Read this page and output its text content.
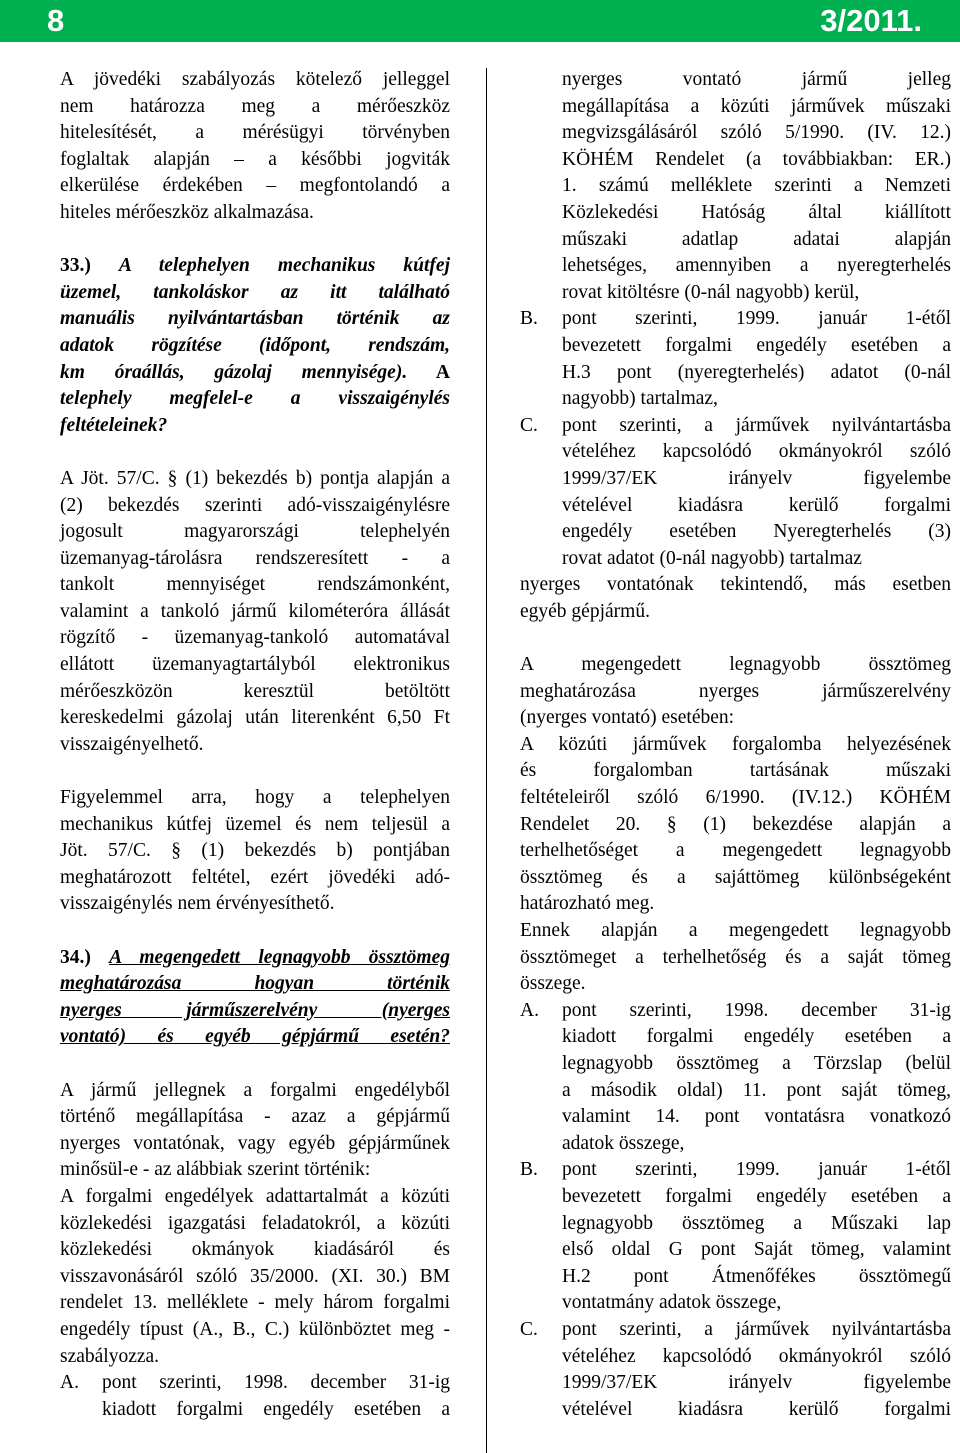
8	3/2011.

A jövedéki szabályozás kötelező jelleggel

nem határozza meg a mérőeszköz

hitelesítését, a mérésügyi törvényben

foglaltak alapján – a későbbi jogviták

elkerülése érdekében – megfontolandó a

hiteles mérőeszköz alkalmazása.

33.) A telephelyen mechanikus kútfej

üzemel, tankoláskor az itt található

manuális nyilvántartásban történik az

adatok rögzítése (időpont, rendszám,

km óraállás, gázolaj mennyisége). A

telephely megfelel-e a visszaigénylés

feltételeinek?

A Jöt. 57/C. § (1) bekezdés b) pontja alapján a

(2) bekezdés szerinti adó-visszaigénylésre

jogosult magyarországi telephelyén

üzemanyag-tárolásra rendszeresített - a

tankolt mennyiséget rendszámonként,

valamint a tankoló jármű kilométeróra állását

rögzítő - üzemanyag-tankoló automatával

ellátott üzemanyagtartályból elektronikus

mérőeszközön keresztül betöltött

kereskedelmi gázolaj után literenként 6,50 Ft

visszaigényelhető.

Figyelemmel arra, hogy a telephelyen

mechanikus kútfej üzemel és nem teljesül a

Jöt. 57/C. § (1) bekezdés b) pontjában

meghatározott feltétel, ezért jövedéki adó-

visszaigénylés nem érvényesíthető.

34.) A megengedett legnagyobb össztömeg

meghatározása hogyan történik

nyerges járműszerelvény (nyerges

vontató) és egyéb gépjármű esetén?

A jármű jellegnek a forgalmi engedélyből

történő megállapítása - azaz a gépjármű

nyerges vontatónak, vagy egyéb gépjárműnek

minősül-e - az alábbiak szerint történik:

A forgalmi engedélyek adattartalmát a közúti

közlekedési igazgatási feladatokról, a közúti

közlekedési okmányok kiadásáról és

visszavonásáról szóló 35/2000. (XI. 30.) BM

rendelet 13. melléklete - mely három forgalmi

engedély típust (A., B., C.) különböztet meg -

szabályozza.

A.	pont szerinti, 1998. december 31-ig

kiadott forgalmi engedély esetében a

nyerges vontató jármű jelleg

megállapítása a közúti járművek műszaki

megvizsgálásáról szóló 5/1990. (IV. 12.)

KÖHÉM Rendelet (a továbbiakban: ER.)

1. számú melléklete szerinti a Nemzeti

Közlekedési Hatóság által kiállított

műszaki adatlap adatai alapján

lehetséges, amennyiben a nyeregterhelés

rovat kitöltésre (0-nál nagyobb) kerül,

B.	pont szerinti, 1999. január 1-étől

bevezetett forgalmi engedély esetében a

H.3 pont (nyeregterhelés) adatot (0-nál

nagyobb) tartalmaz,

C.	pont szerinti, a járművek nyilvántartásba

vételéhez kapcsolódó okmányokról szóló

1999/37/EK irányelv figyelembe

vételével kiadásra kerülő forgalmi

engedély esetében Nyeregterhelés (3)

rovat adatot (0-nál nagyobb) tartalmaz

nyerges vontatónak tekintendő, más esetben

egyéb gépjármű.

A megengedett legnagyobb össztömeg

meghatározása nyerges járműszerelvény

(nyerges vontató) esetében:

A közúti járművek forgalomba helyezésének

és forgalomban tartásának műszaki

feltételeiről szóló 6/1990. (IV.12.) KÖHÉM

Rendelet 20. § (1) bekezdése alapján a

terhelhetőséget a megengedett legnagyobb

össztömeg és a sajáttömeg különbségeként

határozható meg.

Ennek alapján a megengedett legnagyobb

össztömeget a terhelhetőség és a saját tömeg

összege.

A.	pont szerinti, 1998. december 31-ig

kiadott forgalmi engedély esetében a

legnagyobb össztömeg a Törzslap (belül

a második oldal) 11. pont saját tömeg,

valamint 14. pont vontatásra vonatkozó

adatok összege,

B.	pont szerinti, 1999. január 1-étől

bevezetett forgalmi engedély esetében a

legnagyobb össztömeg a Műszaki lap

első oldal G pont Saját tömeg, valamint

H.2 pont Átmenőfékes össztömegű

vontatmány adatok összege,

C.	pont szerinti, a járművek nyilvántartásba

vételéhez kapcsolódó okmányokról szóló

1999/37/EK irányelv figyelembe

vételével kiadásra kerülő forgalmi
